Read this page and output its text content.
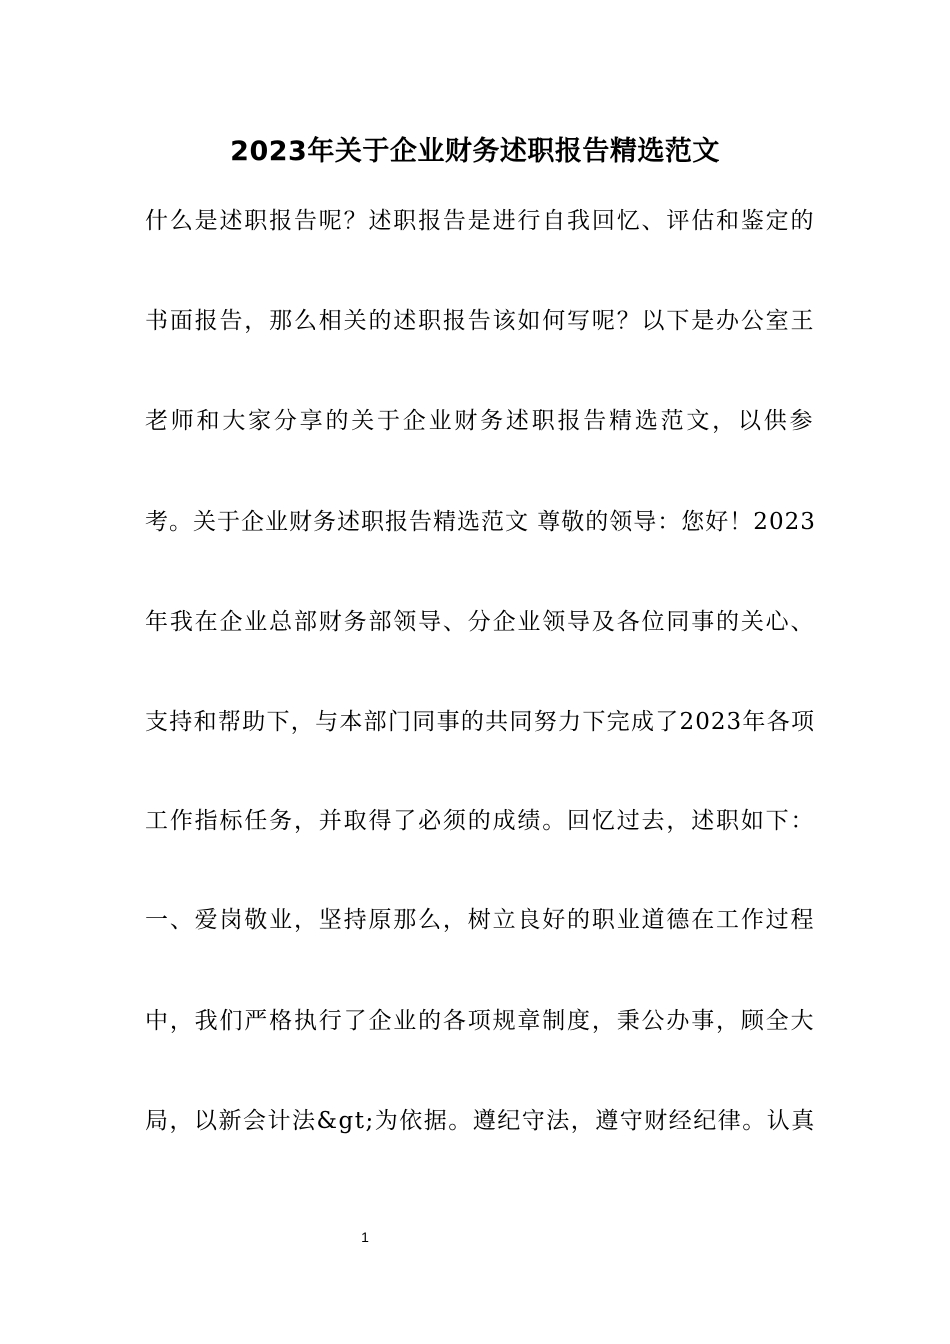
2023年关于企业财务述职报告精选范文
什么是述职报告呢？述职报告是进行自我回忆、评估和鉴定的
书面报告，那么相关的述职报告该如何写呢？以下是办公室王
老师和大家分享的关于企业财务述职报告精选范文，以供参
考。关于企业财务述职报告精选范文 尊敬的领导：您好！2023
年我在企业总部财务部领导、分企业领导及各位同事的关心、
支持和帮助下，与本部门同事的共同努力下完成了2023年各项
工作指标任务，并取得了必须的成绩。回忆过去，述职如下：
一、爱岗敬业，坚持原那么，树立良好的职业道德在工作过程
中，我们严格执行了企业的各项规章制度，秉公办事，顾全大
局，以新会计法&gt;为依据。遵纪守法，遵守财经纪律。认真
1
